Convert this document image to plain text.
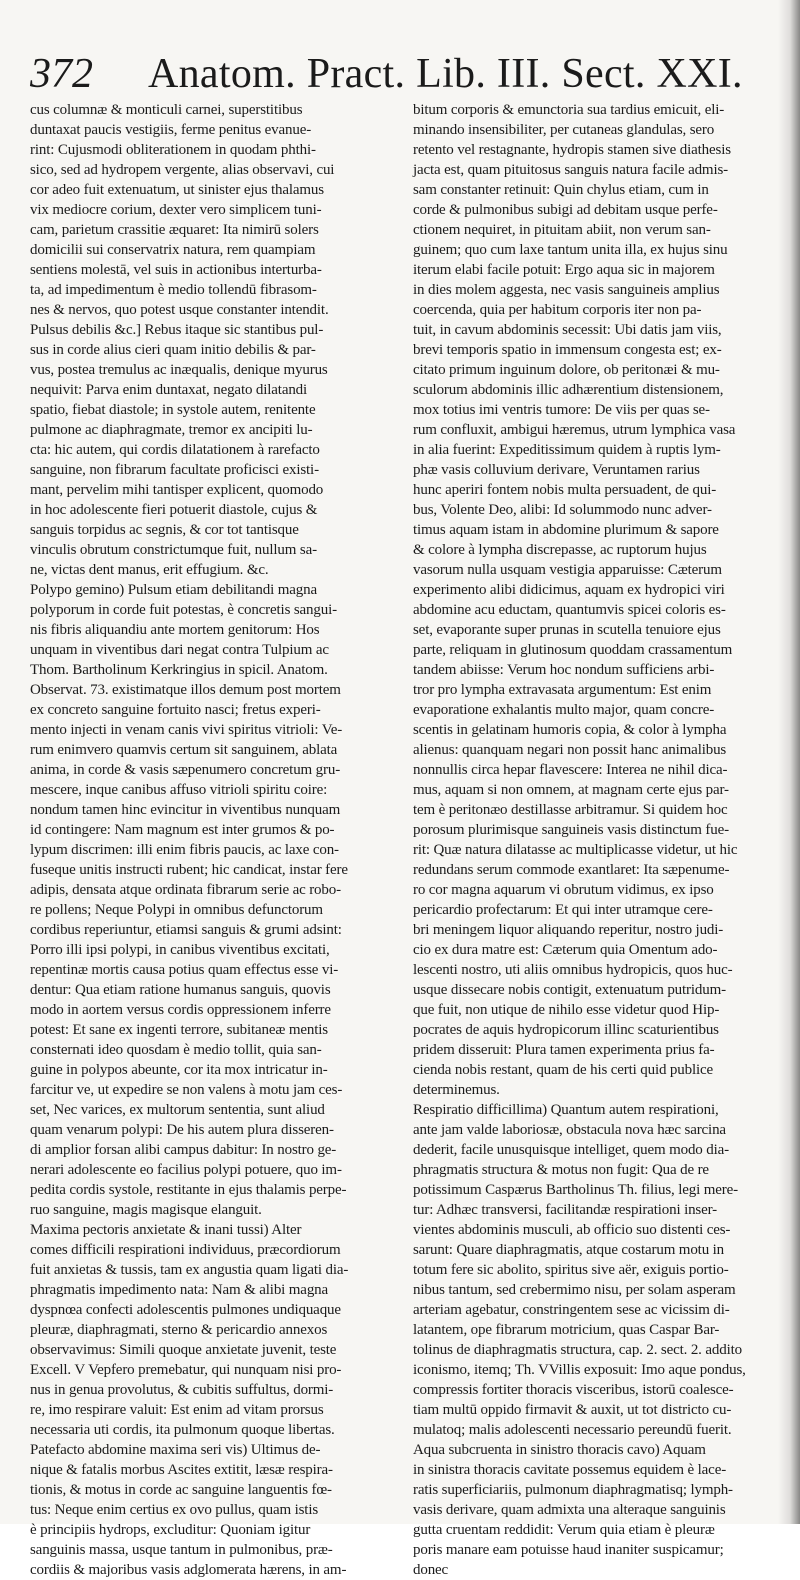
372 Anatom. Pract. Lib. III. Sect. XXI.
cus columnæ & monticuli carnei, superstitibus
duntaxat paucis vestigiis, ferme penitus evanue-
rint: Cujusmodi obliterationem in quodam phthi-
sico, sed ad hydropem vergente, alias observavi, cui
cor adeo fuit extenuatum, ut sinister ejus thalamus
vix mediocre corium, dexter vero simplicem tuni-
cam, parietum crassitie æquaret: Ita nimirū solers
domicilii sui conservatrix natura, rem quampiam
sentiens molestā, vel suis in actionibus interturba-
ta, ad impedimentum è medio tollendū fibrasom-
nes & nervos, quo potest usque constanter intendit.
Pulsus debilis &c.] Rebus itaque sic stantibus pul-
sus in corde alius cieri quam initio debilis & par-
vus, postea tremulus ac inæqualis, denique myurus
nequivit: Parva enim duntaxat, negato dilatandi
spatio, fiebat diastole; in systole autem, renitente
pulmone ac diaphragmate, tremor ex ancipiti lu-
cta: hic autem, qui cordis dilatationem à rarefacto
sanguine, non fibrarum facultate proficisci existi-
mant, pervelim mihi tantisper explicent, quomodo
in hoc adolescente fieri potuerit diastole, cujus &
sanguis torpidus ac segnis, & cor tot tantisque
vinculis obrutum constrictumque fuit, nullum sa-
ne, victas dent manus, erit effugium. &c.
Polypo gemino) Pulsum etiam debilitandi magna
polyporum in corde fuit potestas, è concretis sangui-
nis fibris aliquandiu ante mortem genitorum: Hos
unquam in viventibus dari negat contra Tulpium ac
Thom. Bartholinum Kerkringius in spicil. Anatom.
Observat. 73. existimatque illos demum post mortem
ex concreto sanguine fortuito nasci; fretus experi-
mento injecti in venam canis vivi spiritus vitrioli: Ve-
rum enimvero quamvis certum sit sanguinem, ablata
anima, in corde & vasis sæpenumero concretum gru-
mescere, inque canibus affuso vitrioli spiritu coire:
nondum tamen hinc evincitur in viventibus nunquam
id contingere: Nam magnum est inter grumos & po-
lypum discrimen: illi enim fibris paucis, ac laxe con-
fuseque unitis instructi rubent; hic candicat, instar fere
adipis, densata atque ordinata fibrarum serie ac robo-
re pollens; Neque Polypi in omnibus defunctorum
cordibus reperiuntur, etiamsi sanguis & grumi adsint:
Porro illi ipsi polypi, in canibus viventibus excitati,
repentinæ mortis causa potius quam effectus esse vi-
dentur: Qua etiam ratione humanus sanguis, quovis
modo in aortem versus cordis oppressionem inferre
potest: Et sane ex ingenti terrore, subitaneæ mentis
consternati ideo quosdam è medio tollit, quia san-
guine in polypos abeunte, cor ita mox intricatur in-
farcitur ve, ut expedire se non valens à motu jam ces-
set, Nec varices, ex multorum sententia, sunt aliud
quam venarum polypi: De his autem plura disseren-
di amplior forsan alibi campus dabitur: In nostro ge-
nerari adolescente eo facilius polypi potuere, quo im-
pedita cordis systole, restitante in ejus thalamis perpe-
ruo sanguine, magis magisque elanguit.
Maxima pectoris anxietate & inani tussi) Alter
comes difficili respirationi individuus, præcordiorum
fuit anxietas & tussis, tam ex angustia quam ligati dia-
phragmatis impedimento nata: Nam & alibi magna
dyspnœa confecti adolescentis pulmones undiquaque
pleuræ, diaphragmati, sterno & pericardio annexos
observavimus: Simili quoque anxietate juvenit, teste
Excell. V Vepfero premebatur, qui nunquam nisi pro-
nus in genua provolutus, & cubitis suffultus, dormi-
re, imo respirare valuit: Est enim ad vitam prorsus
necessaria uti cordis, ita pulmonum quoque libertas.
Patefacto abdomine maxima seri vis) Ultimus de-
nique & fatalis morbus Ascites extitit, læsæ respira-
tionis, & motus in corde ac sanguine languentis fœ-
tus: Neque enim certius ex ovo pullus, quam istis
è principiis hydrops, excluditur: Quoniam igitur
sanguinis massa, usque tantum in pulmonibus, præ-
cordiis & majoribus vasis adglomerata hærens, in am-
bitum corporis & emunctoria sua tardius emicuit, eli-
minando insensibiliter, per cutaneas glandulas, sero
retento vel restagnante, hydropis stamen sive diathesis
jacta est, quam pituitosus sanguis natura facile admis-
sam constanter retinuit: Quin chylus etiam, cum in
corde & pulmonibus subigi ad debitam usque perfe-
ctionem nequiret, in pituitam abiit, non verum san-
guinem; quo cum laxe tantum unita illa, ex hujus sinu
iterum elabi facile potuit: Ergo aqua sic in majorem
in dies molem aggesta, nec vasis sanguineis amplius
coercenda, quia per habitum corporis iter non pa-
tuit, in cavum abdominis secessit: Ubi datis jam viis,
brevi temporis spatio in immensum congesta est; ex-
citato primum inguinum dolore, ob peritonæi & mu-
sculorum abdominis illic adhærentium distensionem,
mox totius imi ventris tumore: De viis per quas se-
rum confluxit, ambigui hæremus, utrum lymphica vasa
in alia fuerint: Expeditissimum quidem à ruptis lym-
phæ vasis colluvium derivare, Veruntamen rarius
hunc aperiri fontem nobis multa persuadent, de qui-
bus, Volente Deo, alibi: Id solummodo nunc adver-
timus aquam istam in abdomine plurimum & sapore
& colore à lympha discrepasse, ac ruptorum hujus
vasorum nulla usquam vestigia apparuisse: Cæterum
experimento alibi didicimus, aquam ex hydropici viri
abdomine acu eductam, quantumvis spicei coloris es-
set, evaporante super prunas in scutella tenuiore ejus
parte, reliquam in glutinosum quoddam crassamentum
tandem abiisse: Verum hoc nondum sufficiens arbi-
tror pro lympha extravasata argumentum: Est enim
evaporatione exhalantis multo major, quam concre-
scentis in gelatinam humoris copia, & color à lympha
alienus: quanquam negari non possit hanc animalibus
nonnullis circa hepar flavescere: Interea ne nihil dica-
mus, aquam si non omnem, at magnam certe ejus par-
tem è peritonæo destillasse arbitramur. Si quidem hoc
porosum plurimisque sanguineis vasis distinctum fue-
rit: Quæ natura dilatasse ac multiplicasse videtur, ut hic
redundans serum commode exantlaret: Ita sæpenume-
ro cor magna aquarum vi obrutum vidimus, ex ipso
pericardio profectarum: Et qui inter utramque cere-
bri meningem liquor aliquando reperitur, nostro judi-
cio ex dura matre est: Cæterum quia Omentum ado-
lescenti nostro, uti aliis omnibus hydropicis, quos huc-
usque dissecare nobis contigit, extenuatum putridum-
que fuit, non utique de nihilo esse videtur quod Hip-
pocrates de aquis hydropicorum illinc scaturientibus
pridem disseruit: Plura tamen experimenta prius fa-
cienda nobis restant, quam de his certi quid publice
determinemus.
Respiratio difficillima) Quantum autem respirationi,
ante jam valde laboriosæ, obstacula nova hæc sarcina
dederit, facile unusquisque intelliget, quem modo dia-
phragmatis structura & motus non fugit: Qua de re
potissimum Caspærus Bartholinus Th. filius, legi mere-
tur: Adhæc transversi, facilitandæ respirationi inser-
vientes abdominis musculi, ab officio suo distenti ces-
sarunt: Quare diaphragmatis, atque costarum motu in
totum fere sic abolito, spiritus sive aër, exiguis portio-
nibus tantum, sed crebermimo nisu, per solam asperam
arteriam agebatur, constringentem sese ac vicissim di-
latantem, ope fibrarum motricium, quas Caspar Bar-
tolinus de diaphragmatis structura, cap. 2. sect. 2. addito
iconismo, itemq; Th. VVillis exposuit: Imo aque pondus,
compressis fortiter thoracis visceribus, istorū coalesce-
tiam multū oppido firmavit & auxit, ut tot districto cu-
mulatoq; malis adolescenti necessario pereundū fuerit.
Aqua subcruenta in sinistro thoracis cavo) Aquam
in sinistra thoracis cavitate possemus equidem è lace-
ratis superficiariis, pulmonum diaphragmatisq; lymph-
vasis derivare, quam admixta una alteraque sanguinis
gutta cruentam reddidit: Verum quia etiam è pleuræ
poris manare eam potuisse haud inaniter suspicamur;
donec
